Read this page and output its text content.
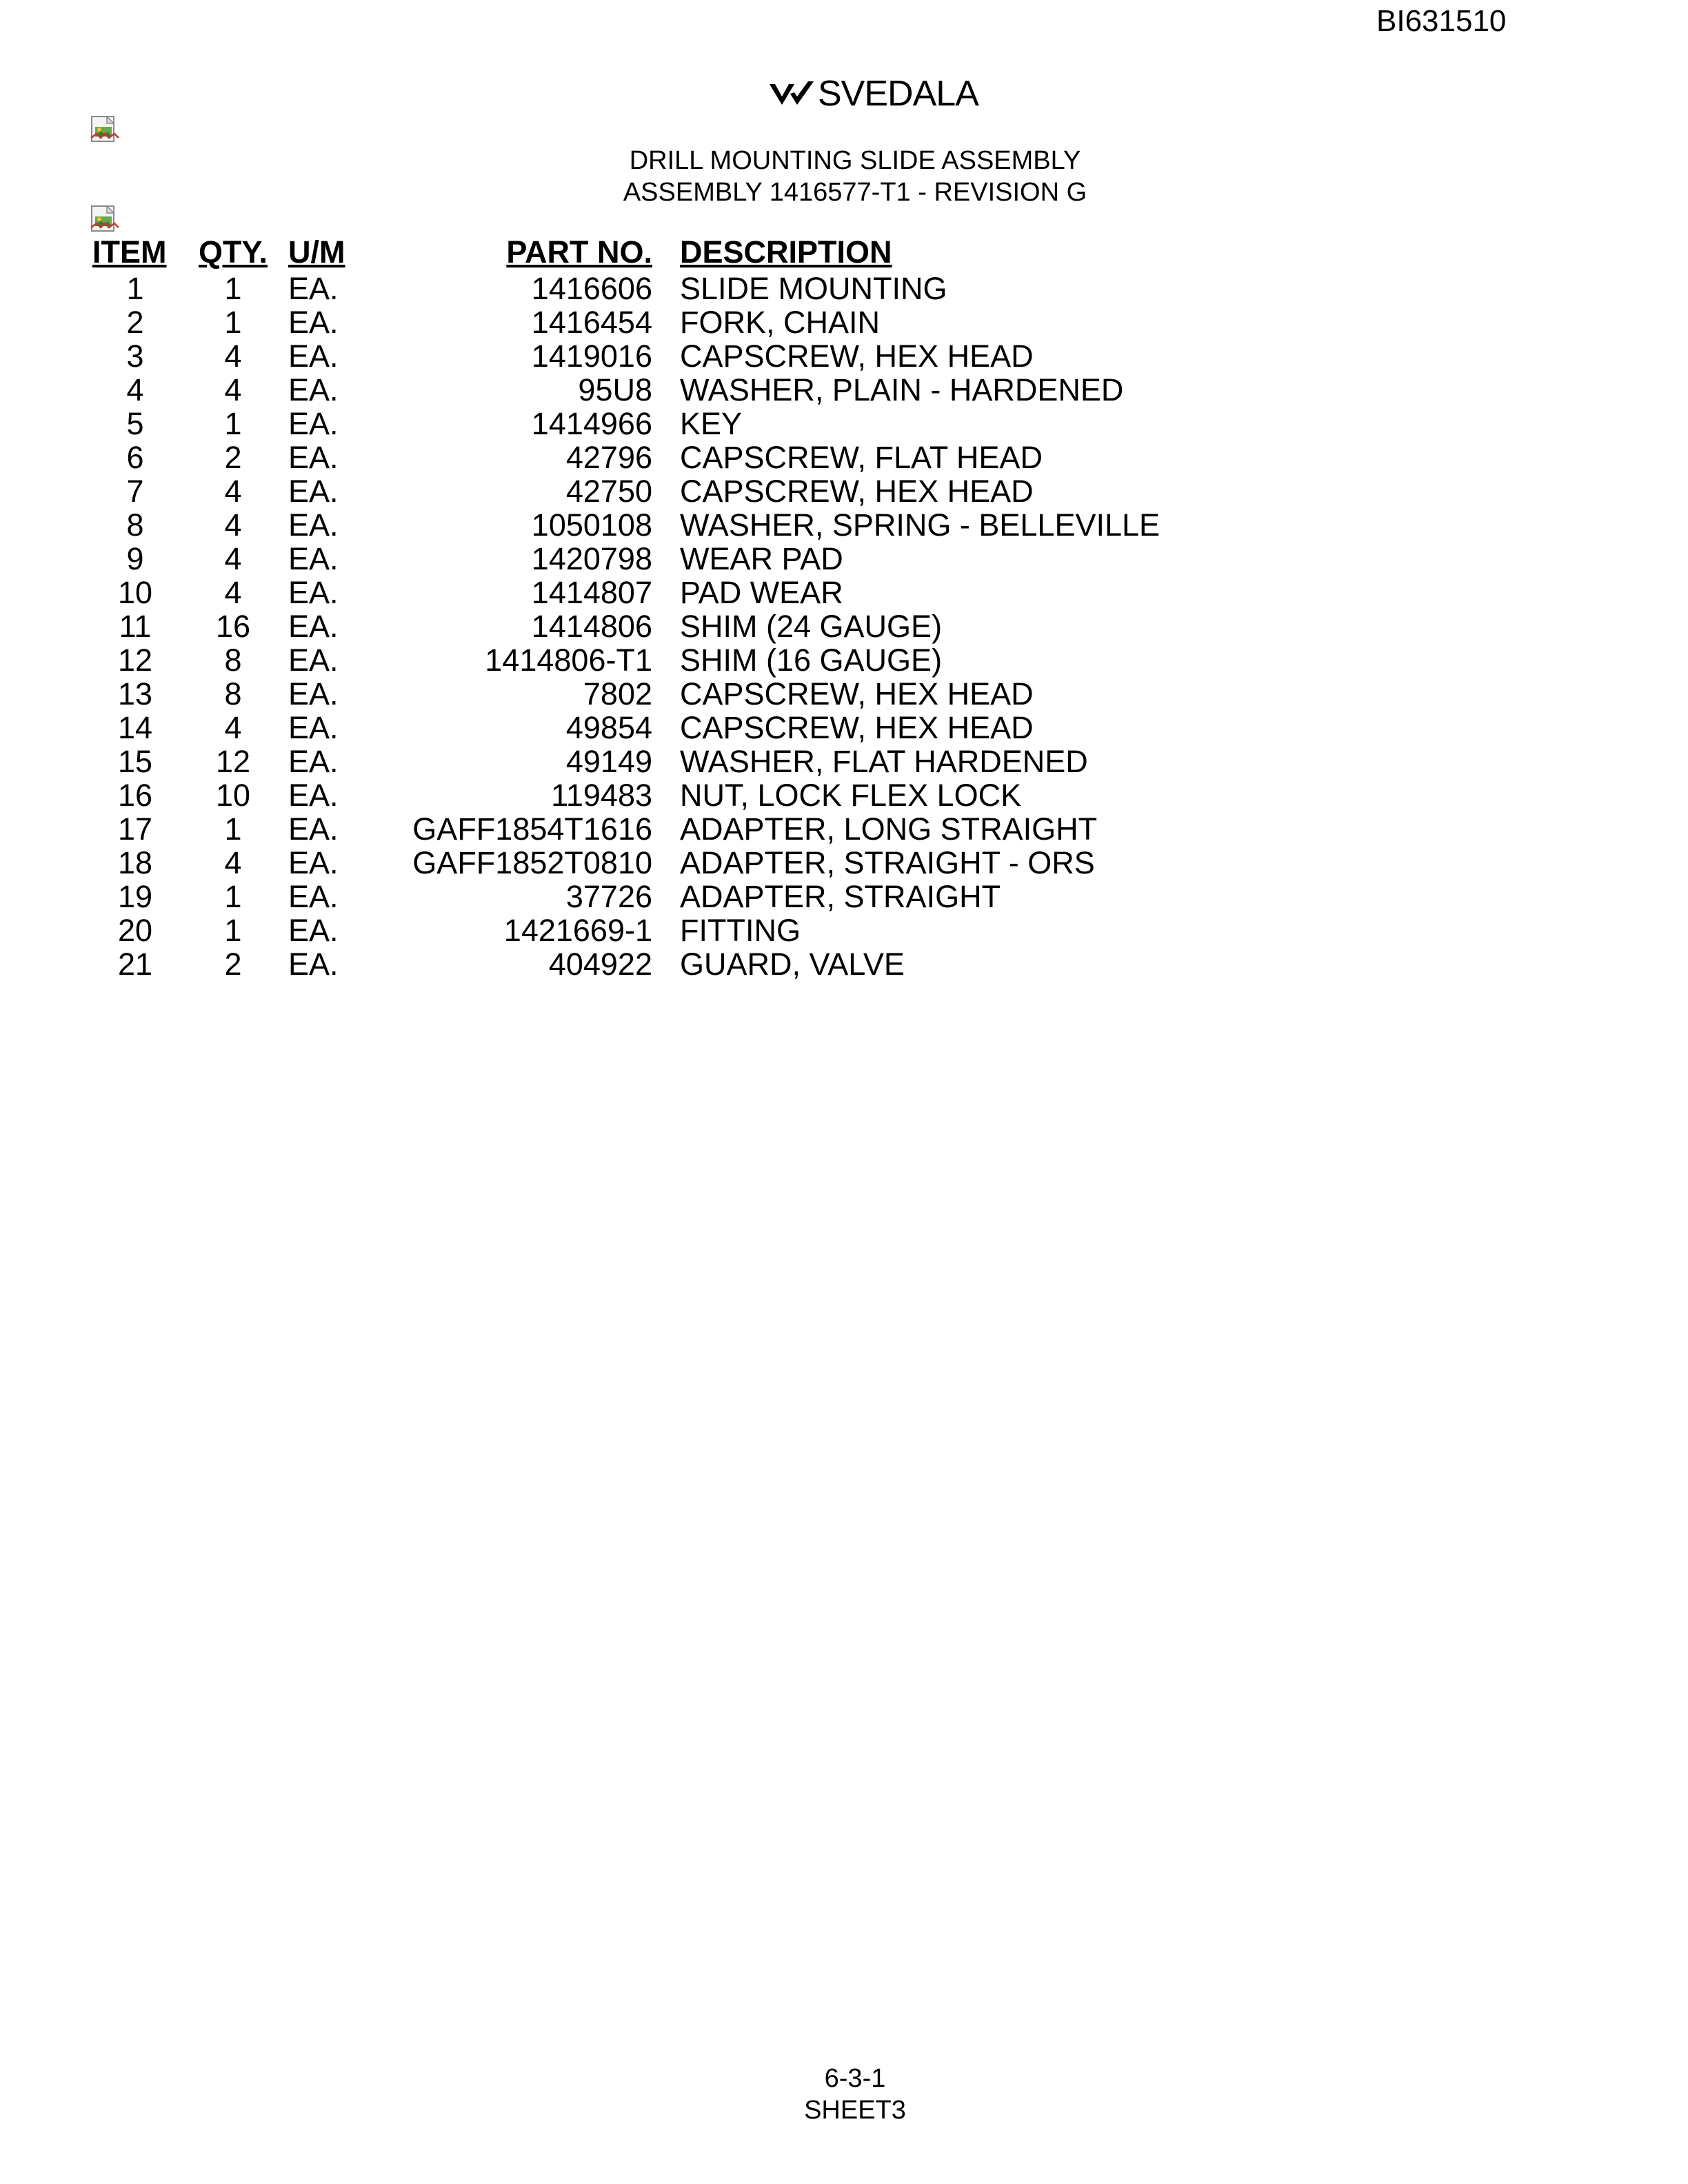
BI631510
SVEDALA
DRILL MOUNTING SLIDE ASSEMBLY
ASSEMBLY 1416577-T1 - REVISION G
ITEM	QTY.	U/M	PART NO.	DESCRIPTION
1	1	EA.	1416606	SLIDE MOUNTING
2	1	EA.	1416454	FORK, CHAIN
3	4	EA.	1419016	CAPSCREW, HEX HEAD
4	4	EA.	95U8	WASHER, PLAIN - HARDENED
5	1	EA.	1414966	KEY
6	2	EA.	42796	CAPSCREW, FLAT HEAD
7	4	EA.	42750	CAPSCREW, HEX HEAD
8	4	EA.	1050108	WASHER, SPRING - BELLEVILLE
9	4	EA.	1420798	WEAR PAD
10	4	EA.	1414807	PAD WEAR
11	16	EA.	1414806	SHIM (24 GAUGE)
12	8	EA.	1414806-T1	SHIM (16 GAUGE)
13	8	EA.	7802	CAPSCREW, HEX HEAD
14	4	EA.	49854	CAPSCREW, HEX HEAD
15	12	EA.	49149	WASHER, FLAT HARDENED
16	10	EA.	119483	NUT, LOCK FLEX LOCK
17	1	EA.	GAFF1854T1616	ADAPTER, LONG STRAIGHT
18	4	EA.	GAFF1852T0810	ADAPTER, STRAIGHT - ORS
19	1	EA.	37726	ADAPTER, STRAIGHT
20	1	EA.	1421669-1	FITTING
21	2	EA.	404922	GUARD, VALVE
6-3-1
SHEET3
